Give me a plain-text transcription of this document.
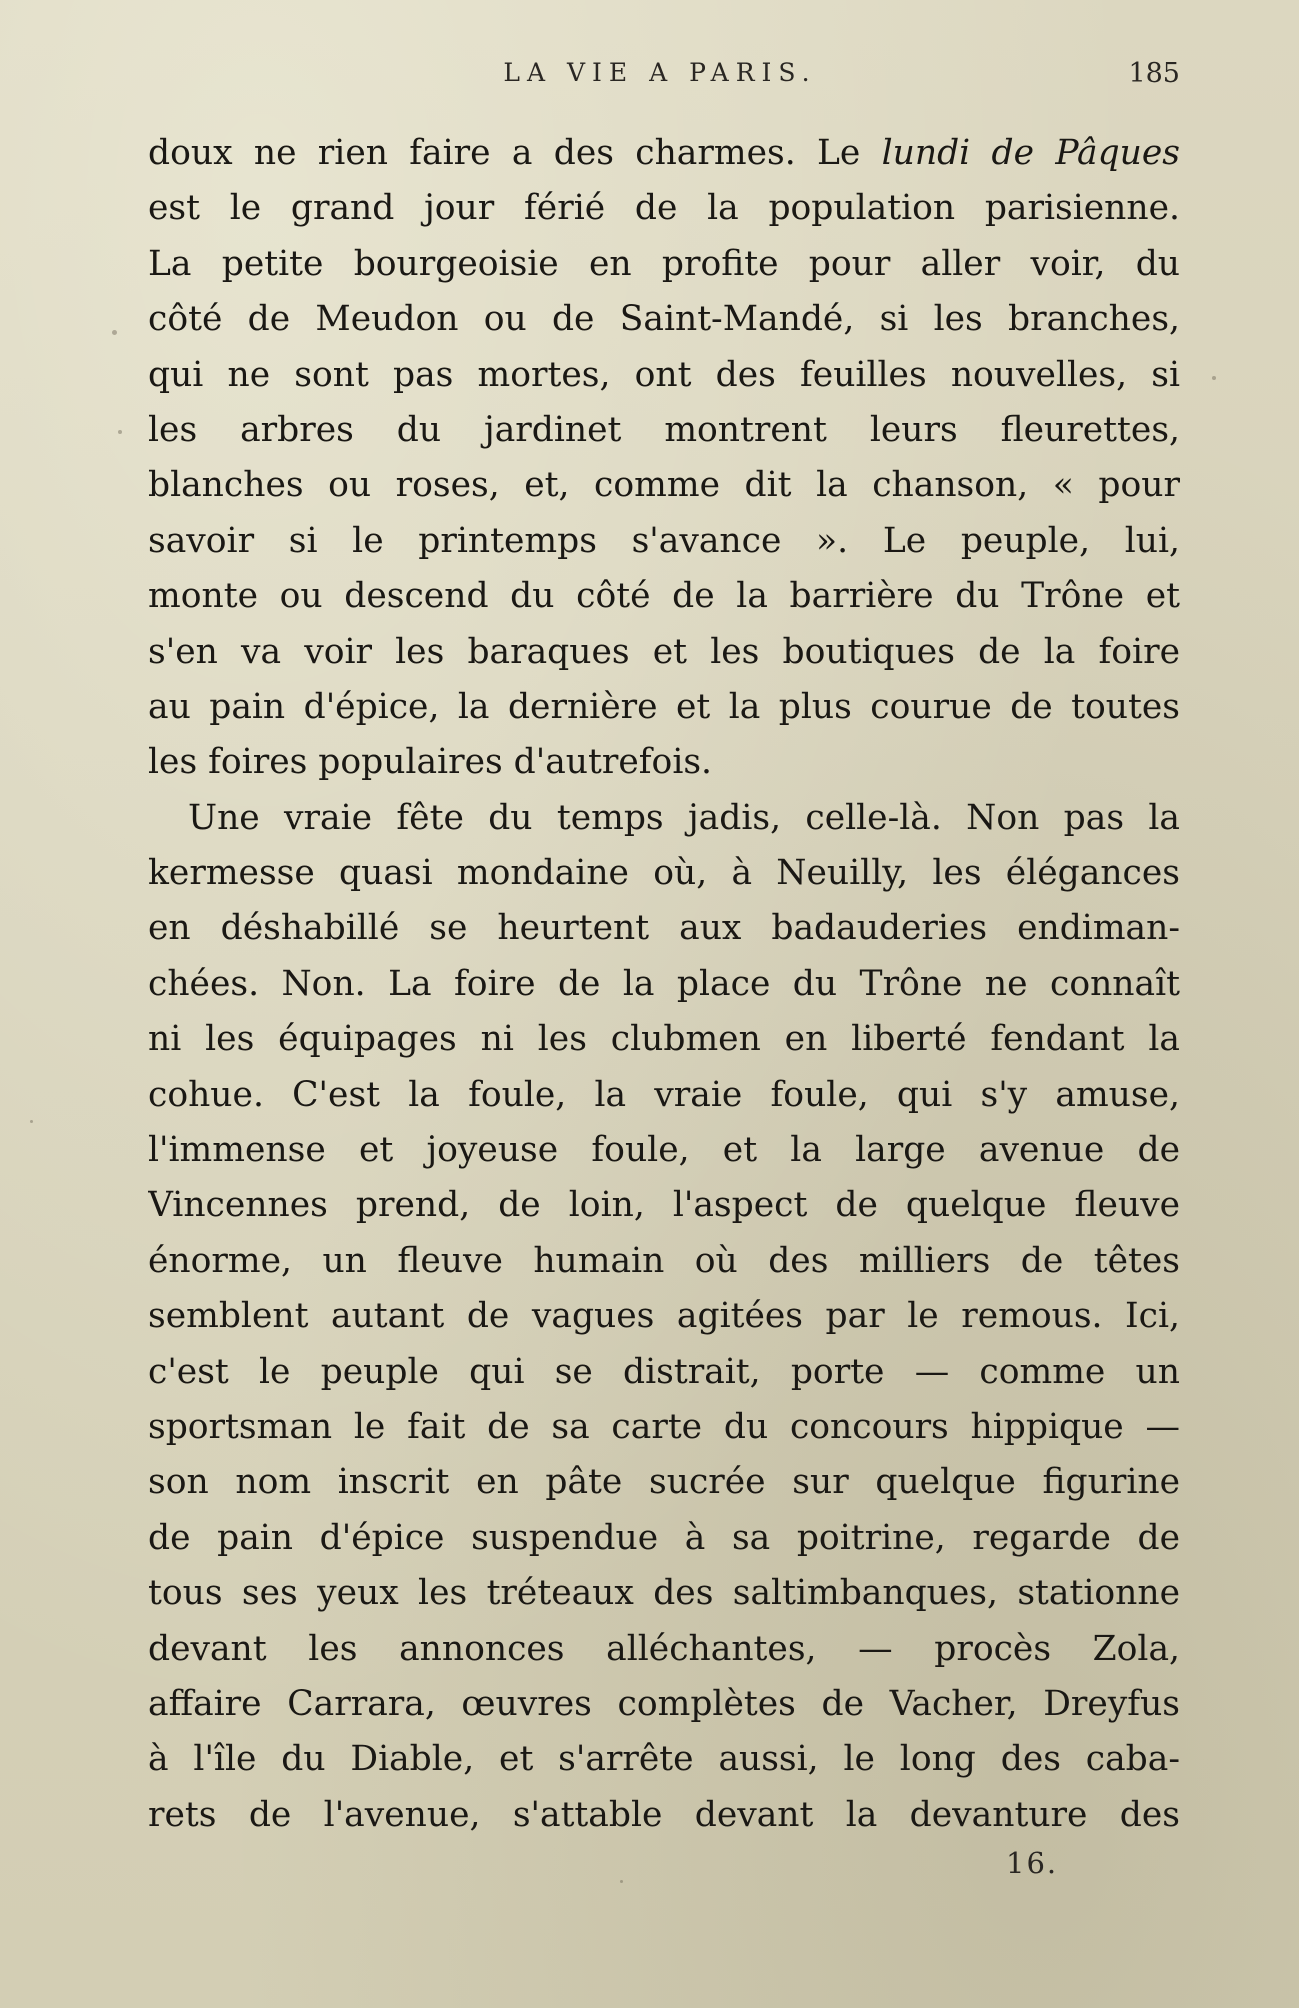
LA VIE A PARIS.	185
doux ne rien faire a des charmes. Le lundi de Pâques
est le grand jour férié de la population parisienne.
La petite bourgeoisie en profite pour aller voir, du
côté de Meudon ou de Saint-Mandé, si les branches,
qui ne sont pas mortes, ont des feuilles nouvelles, si
les arbres du jardinet montrent leurs fleurettes,
blanches ou roses, et, comme dit la chanson, « pour
savoir si le printemps s'avance ». Le peuple, lui,
monte ou descend du côté de la barrière du Trône et
s'en va voir les baraques et les boutiques de la foire
au pain d'épice, la dernière et la plus courue de toutes
les foires populaires d'autrefois.
Une vraie fête du temps jadis, celle-là. Non pas la
kermesse quasi mondaine où, à Neuilly, les élégances
en déshabillé se heurtent aux badauderies endiman-
chées. Non. La foire de la place du Trône ne connaît
ni les équipages ni les clubmen en liberté fendant la
cohue. C'est la foule, la vraie foule, qui s'y amuse,
l'immense et joyeuse foule, et la large avenue de
Vincennes prend, de loin, l'aspect de quelque fleuve
énorme, un fleuve humain où des milliers de têtes
semblent autant de vagues agitées par le remous. Ici,
c'est le peuple qui se distrait, porte — comme un
sportsman le fait de sa carte du concours hippique —
son nom inscrit en pâte sucrée sur quelque figurine
de pain d'épice suspendue à sa poitrine, regarde de
tous ses yeux les tréteaux des saltimbanques, stationne
devant les annonces alléchantes, — procès Zola,
affaire Carrara, œuvres complètes de Vacher, Dreyfus
à l'île du Diable, et s'arrête aussi, le long des caba-
rets de l'avenue, s'attable devant la devanture des
16.
